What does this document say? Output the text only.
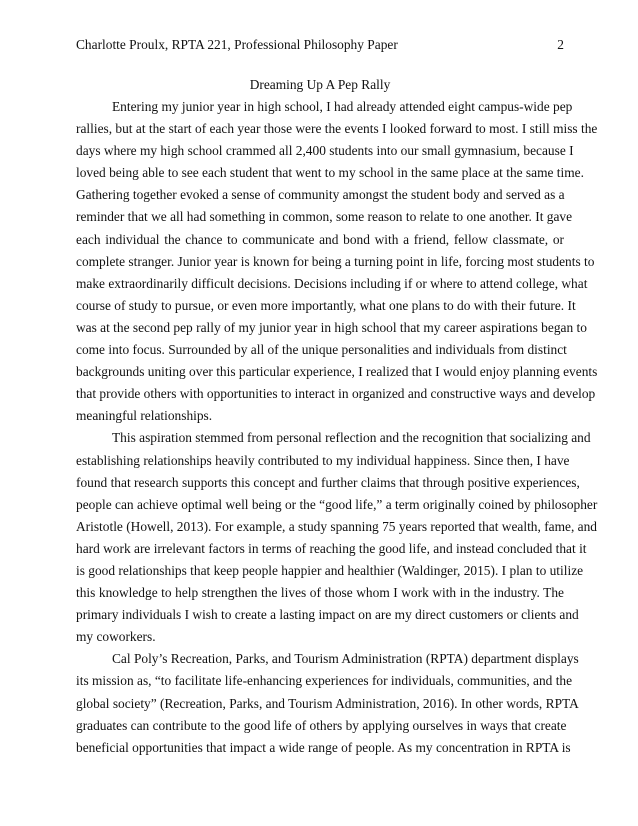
Charlotte Proulx, RPTA 221, Professional Philosophy Paper	2
Dreaming Up A Pep Rally
Entering my junior year in high school, I had already attended eight campus-wide pep
rallies, but at the start of each year those were the events I looked forward to most. I still miss the
days where my high school crammed all 2,400 students into our small gymnasium, because I
loved being able to see each student that went to my school in the same place at the same time.
Gathering together evoked a sense of community amongst the student body and served as a
reminder that we all had something in common, some reason to relate to one another. It gave
each individual the chance to communicate and bond with a friend, fellow classmate, or
complete stranger. Junior year is known for being a turning point in life, forcing most students to
make extraordinarily difficult decisions. Decisions including if or where to attend college, what
course of study to pursue, or even more importantly, what one plans to do with their future. It
was at the second pep rally of my junior year in high school that my career aspirations began to
come into focus. Surrounded by all of the unique personalities and individuals from distinct
backgrounds uniting over this particular experience, I realized that I would enjoy planning events
that provide others with opportunities to interact in organized and constructive ways and develop
meaningful relationships.
This aspiration stemmed from personal reflection and the recognition that socializing and
establishing relationships heavily contributed to my individual happiness. Since then, I have
found that research supports this concept and further claims that through positive experiences,
people can achieve optimal well being or the “good life,” a term originally coined by philosopher
Aristotle (Howell, 2013). For example, a study spanning 75 years reported that wealth, fame, and
hard work are irrelevant factors in terms of reaching the good life, and instead concluded that it
is good relationships that keep people happier and healthier (Waldinger, 2015). I plan to utilize
this knowledge to help strengthen the lives of those whom I work with in the industry. The
primary individuals I wish to create a lasting impact on are my direct customers or clients and
my coworkers.
Cal Poly’s Recreation, Parks, and Tourism Administration (RPTA) department displays
its mission as, “to facilitate life-enhancing experiences for individuals, communities, and the
global society” (Recreation, Parks, and Tourism Administration, 2016). In other words, RPTA
graduates can contribute to the good life of others by applying ourselves in ways that create
beneficial opportunities that impact a wide range of people. As my concentration in RPTA is
